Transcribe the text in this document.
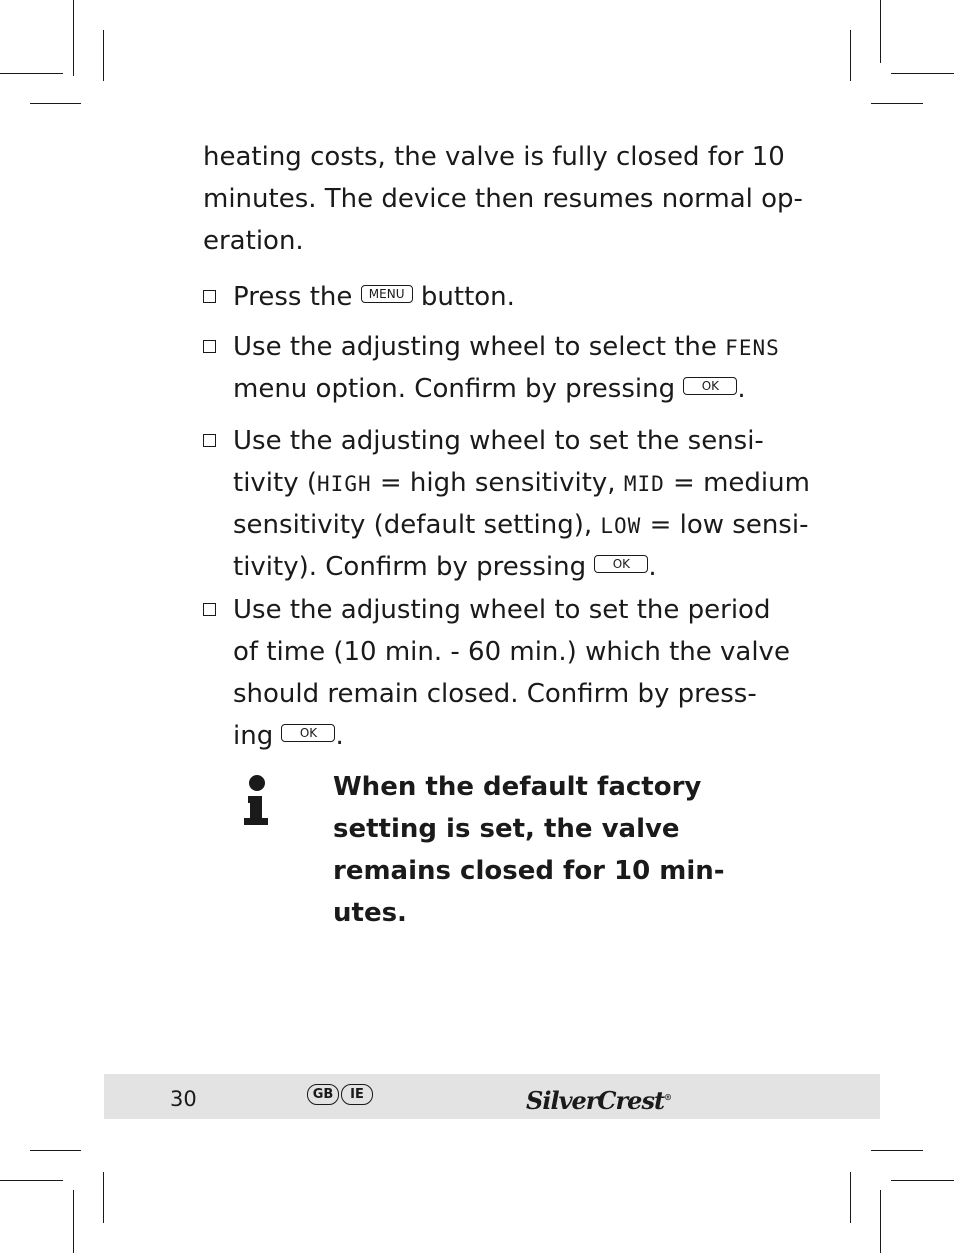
heating costs, the valve is fully closed for 10

minutes. The device then resumes normal op-

eration.

Press the MENU button.
Use the adjusting wheel to select the FENS
menu option. Confirm by pressing OK .
Use the adjusting wheel to set the sensi-
tivity (HIGH = high sensitivity, MID = medium
sensitivity (default setting), LOW = low sensi-
tivity). Confirm by pressing OK .
Use the adjusting wheel to set the period
of time (10 min. - 60 min.) which the valve
should remain closed. Confirm by press-
ing OK .
When the default factory
setting is set, the valve
remains closed for 10 min-
utes.
30	GB	IE	SilverCrest®
